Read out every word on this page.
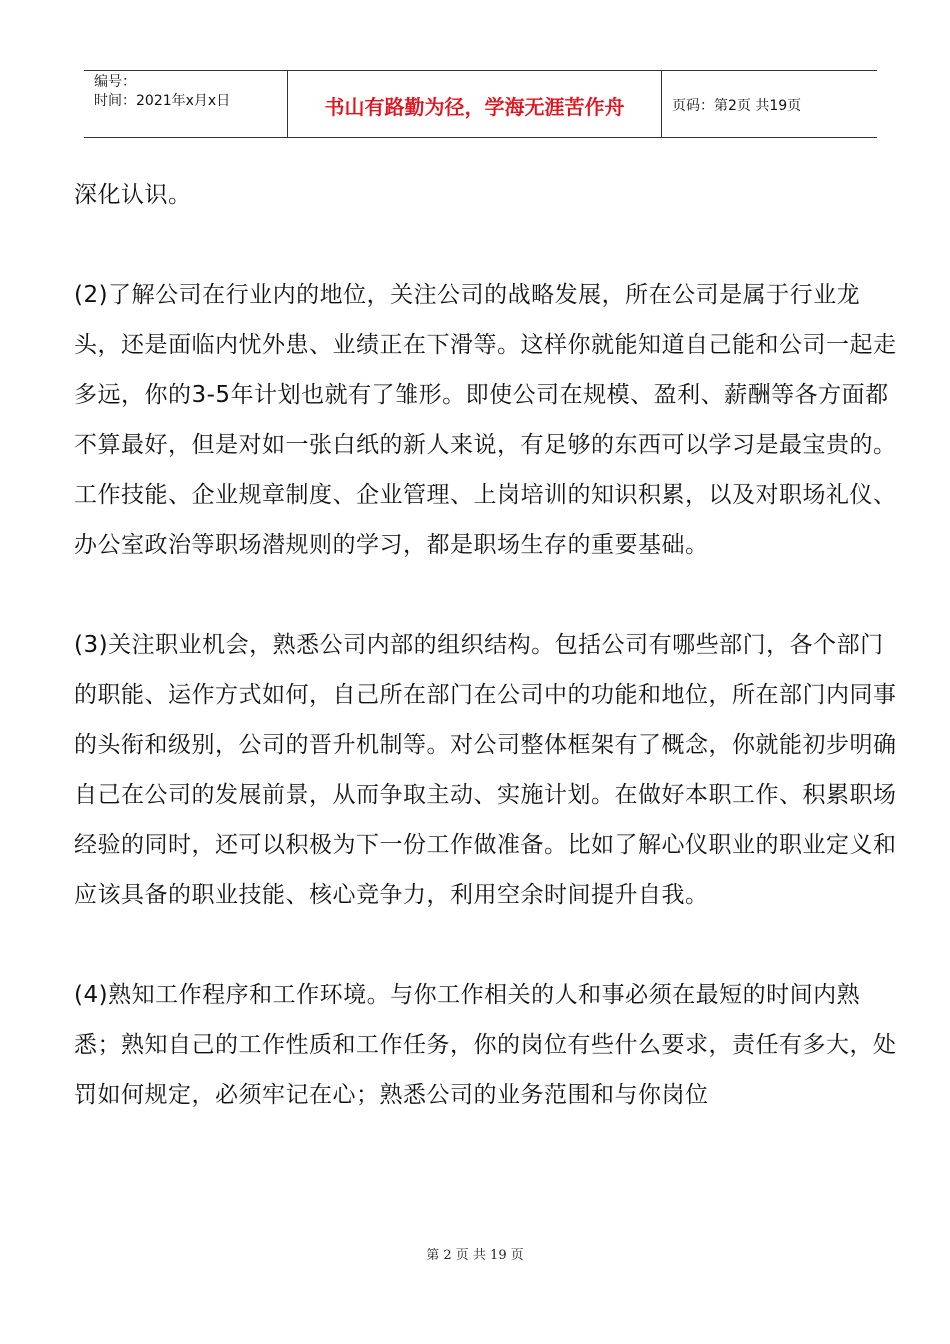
编号：
时间：2021年x月x日	书山有路勤为径，学海无涯苦作舟	页码：第2页 共19页

深化认识。

(2)了解公司在行业内的地位，关注公司的战略发展，所在公司是属于行业龙头，还是面临内忧外患、业绩正在下滑等。这样你就能知道自己能和公司一起走多远，你的3-5年计划也就有了雏形。即使公司在规模、盈利、薪酬等各方面都不算最好，但是对如一张白纸的新人来说，有足够的东西可以学习是最宝贵的。工作技能、企业规章制度、企业管理、上岗培训的知识积累，以及对职场礼仪、办公室政治等职场潜规则的学习，都是职场生存的重要基础。

(3)关注职业机会，熟悉公司内部的组织结构。包括公司有哪些部门，各个部门的职能、运作方式如何，自己所在部门在公司中的功能和地位，所在部门内同事的头衔和级别，公司的晋升机制等。对公司整体框架有了概念，你就能初步明确自己在公司的发展前景，从而争取主动、实施计划。在做好本职工作、积累职场经验的同时，还可以积极为下一份工作做准备。比如了解心仪职业的职业定义和应该具备的职业技能、核心竞争力，利用空余时间提升自我。

(4)熟知工作程序和工作环境。与你工作相关的人和事必须在最短的时间内熟悉；熟知自己的工作性质和工作任务，你的岗位有些什么要求，责任有多大，处罚如何规定，必须牢记在心；熟悉公司的业务范围和与你岗位

第 2 页 共 19 页
